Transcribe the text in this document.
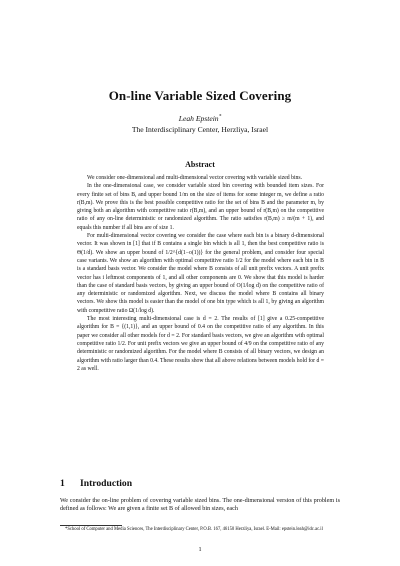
On-line Variable Sized Covering
Leah Epstein*
The Interdisciplinary Center, Herzliya, Israel
Abstract

We consider one-dimensional and multi-dimensional vector covering with variable sized bins.

In the one-dimensional case, we consider variable sized bin covering with bounded item sizes. For every finite set of bins B, and upper bound 1/m on the size of items for some integer m, we define a ratio r(B,m). We prove this is the best possible competitive ratio for the set of bins B and the parameter m, by giving both an algorithm with competitive ratio r(B,m), and an upper bound of r(B,m) on the competitive ratio of any on-line deterministic or randomized algorithm. The ratio satisfies r(B,m) ≥ m/(m + 1), and equals this number if all bins are of size 1.

For multi-dimensional vector covering we consider the case where each bin is a binary d-dimensional vector. It was shown in [1] that if B contains a single bin which is all 1, then the best competitive ratio is Θ(1/d). We show an upper bound of 1/2^{d(1−o(1))} for the general problem, and consider four special case variants. We show an algorithm with optimal competitive ratio 1/2 for the model where each bin in B is a standard basis vector. We consider the model where B consists of all unit prefix vectors. A unit prefix vector has i leftmost components of 1, and all other components are 0. We show that this model is harder than the case of standard basis vectors, by giving an upper bound of O(1/log d) on the competitive ratio of any deterministic or randomized algorithm. Next, we discuss the model where B contains all binary vectors. We show this model is easier than the model of one bin type which is all 1, by giving an algorithm with competitive ratio Ω(1/log d).

The most interesting multi-dimensional case is d = 2. The results of [1] give a 0.25-competitive algorithm for B = {(1,1)}, and an upper bound of 0.4 on the competitive ratio of any algorithm. In this paper we consider all other models for d = 2. For standard basis vectors, we give an algorithm with optimal competitive ratio 1/2. For unit prefix vectors we give an upper bound of 4/9 on the competitive ratio of any deterministic or randomized algorithm. For the model where B consists of all binary vectors, we design an algorithm with ratio larger than 0.4. These results show that all above relations between models hold for d = 2 as well.

1 Introduction

We consider the on-line problem of covering variable sized bins. The one-dimensional version of this problem is defined as follows: We are given a finite set B of allowed bin sizes, each

*School of Computer and Media Sciences, The Interdisciplinary Center, P.O.B. 167, 46150 Herzliya, Israel. E-Mail: epstein.leah@idc.ac.il

1
